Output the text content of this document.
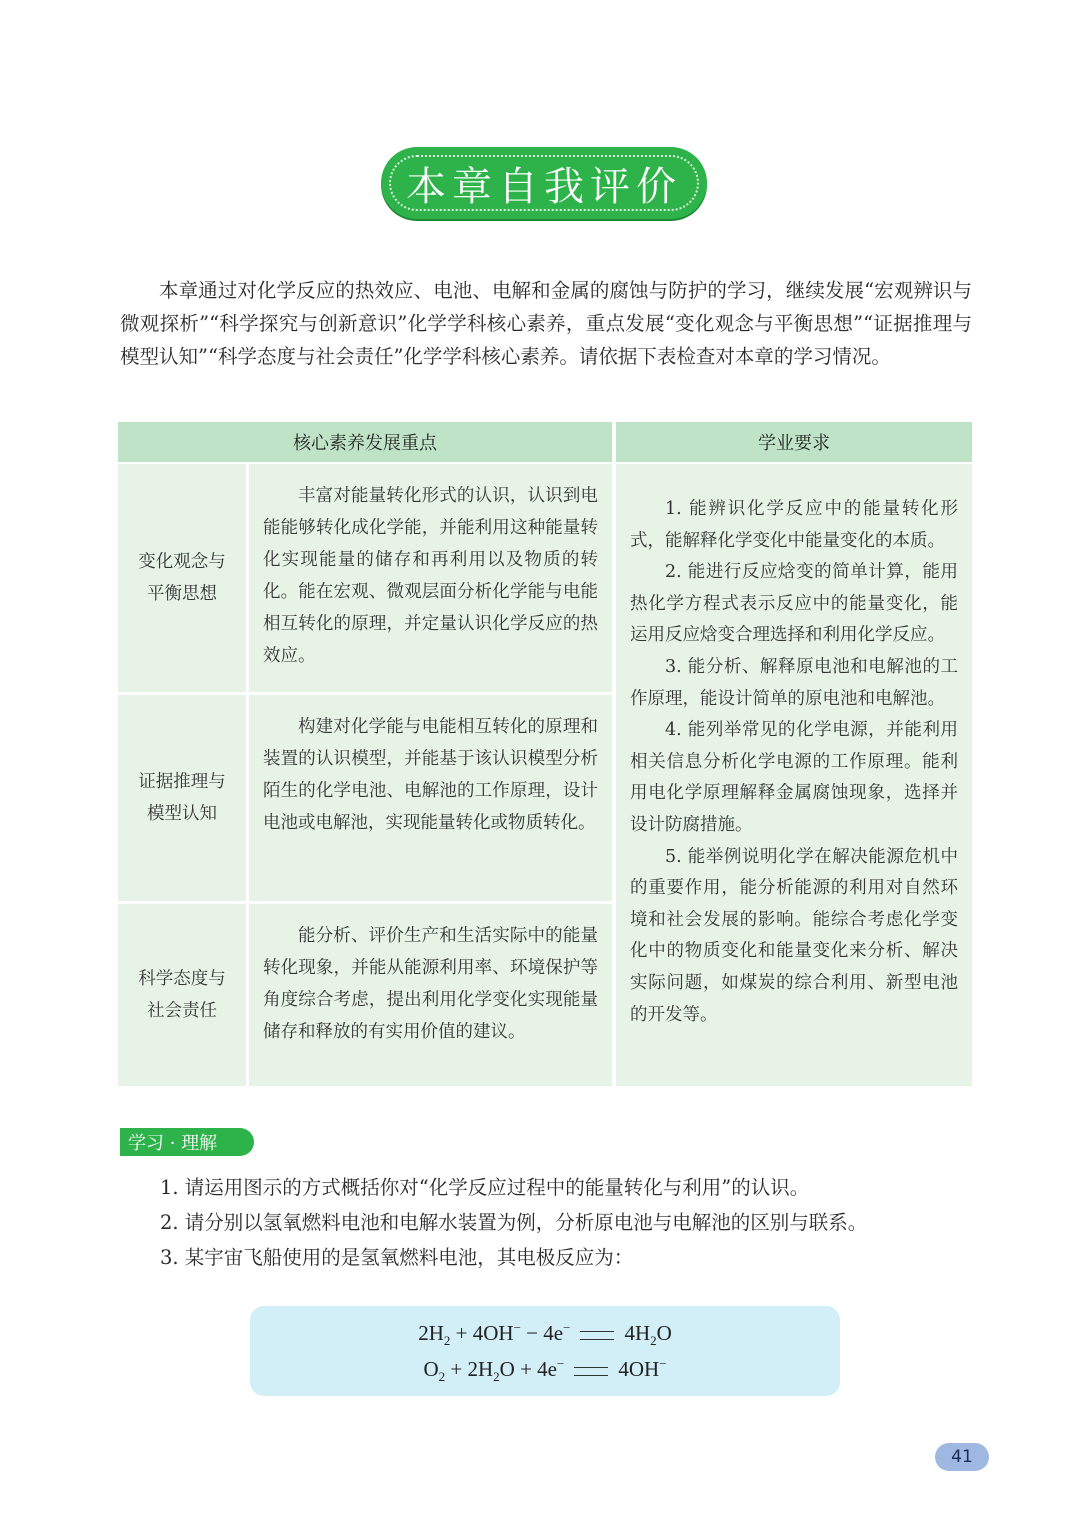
本章自我评价

本章通过对化学反应的热效应、电池、电解和金属的腐蚀与防护的学习，继续发展“宏观辨识与微观探析”“科学探究与创新意识”化学学科核心素养，重点发展“变化观念与平衡思想”“证据推理与模型认知”“科学态度与社会责任”化学学科核心素养。请依据下表检查对本章的学习情况。

核心素养发展重点	学业要求
变化观念与
平衡思想

丰富对能量转化形式的认识，认识到电能能够转化成化学能，并能利用这种能量转化实现能量的储存和再利用以及物质的转化。能在宏观、微观层面分析化学能与电能相互转化的原理，并定量认识化学反应的热效应。

证据推理与
模型认知

构建对化学能与电能相互转化的原理和装置的认识模型，并能基于该认识模型分析陌生的化学电池、电解池的工作原理，设计电池或电解池，实现能量转化或物质转化。

科学态度与
社会责任

能分析、评价生产和生活实际中的能量转化现象，并能从能源利用率、环境保护等角度综合考虑，提出利用化学变化实现能量储存和释放的有实用价值的建议。

1. 能辨识化学反应中的能量转化形式，能解释化学变化中能量变化的本质。

2. 能进行反应焓变的简单计算，能用热化学方程式表示反应中的能量变化，能运用反应焓变合理选择和利用化学反应。

3. 能分析、解释原电池和电解池的工作原理，能设计简单的原电池和电解池。

4. 能列举常见的化学电源，并能利用相关信息分析化学电源的工作原理。能利用电化学原理解释金属腐蚀现象，选择并设计防腐措施。

5. 能举例说明化学在解决能源危机中的重要作用，能分析能源的利用对自然环境和社会发展的影响。能综合考虑化学变化中的物质变化和能量变化来分析、解决实际问题，如煤炭的综合利用、新型电池的开发等。

学习 · 理解
1. 请运用图示的方式概括你对“化学反应过程中的能量转化与利用”的认识。
2. 请分别以氢氧燃料电池和电解水装置为例，分析原电池与电解池的区别与联系。
3. 某宇宙飞船使用的是氢氧燃料电池，其电极反应为：
$2H_2 + 4OH^- - 4e^-$	$4H_2O$
$O_2 + 2H_2O + 4e^-$	4OH−
41
